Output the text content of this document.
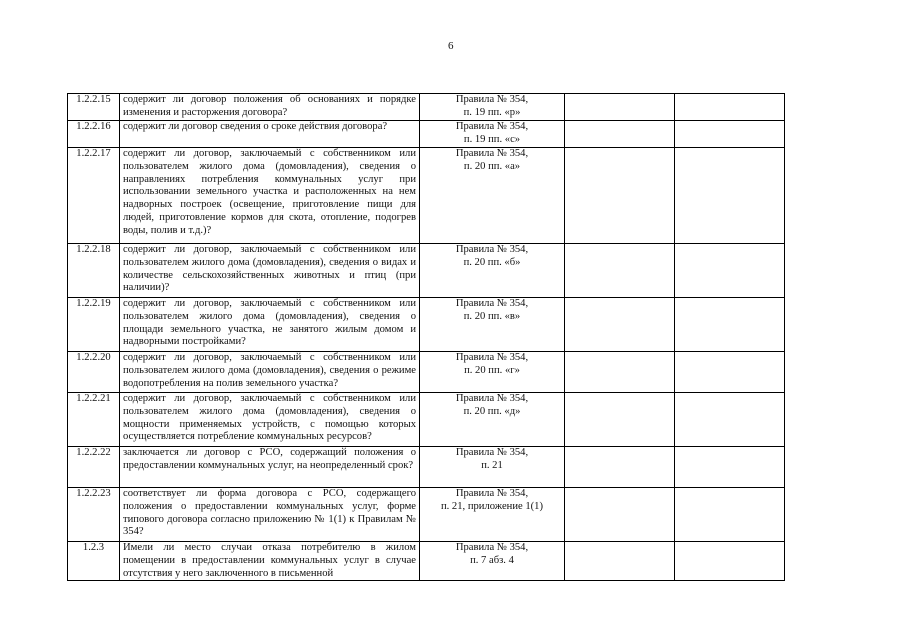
6
1.2.2.15	содержит ли договор положения об основаниях и порядке изменения и расторжения договора?	Правила № 354,
п. 19 пп. «р»		

1.2.2.16	содержит ли договор сведения о сроке действия договора?	Правила № 354,
п. 19 пп. «с»		

1.2.2.17	содержит ли договор, заключаемый с собственником или пользователем жилого дома (домовладения), сведения о направлениях потребления коммунальных услуг при использовании земельного участка и расположенных на нем надворных построек (освещение, приготовление пищи для людей, приготовление кормов для скота, отопление, подогрев воды, полив и т.д.)?	Правила № 354,
п. 20 пп. «а»		

1.2.2.18	содержит ли договор, заключаемый с собственником или пользователем жилого дома (домовладения), сведения о видах и количестве сельскохозяйственных животных и птиц (при наличии)?	Правила № 354,
п. 20 пп. «б»		

1.2.2.19	содержит ли договор, заключаемый с собственником или пользователем жилого дома (домовладения), сведения о площади земельного участка, не занятого жилым домом и надворными постройками?	Правила № 354,
п. 20 пп. «в»		

1.2.2.20	содержит ли договор, заключаемый с собственником или пользователем жилого дома (домовладения), сведения о режиме водопотребления на полив земельного участка?	Правила № 354,
п. 20 пп. «г»		

1.2.2.21	содержит ли договор, заключаемый с собственником или пользователем жилого дома (домовладения), сведения о мощности применяемых устройств, с помощью которых осуществляется потребление коммунальных ресурсов?	Правила № 354,
п. 20 пп. «д»		

1.2.2.22	заключается ли договор с РСО, содержащий положения о предоставлении коммунальных услуг, на неопределенный срок?	Правила № 354,
п. 21		

1.2.2.23	соответствует ли форма договора с РСО, содержащего положения о предоставлении коммунальных услуг, форме типового договора согласно приложению № 1(1) к Правилам № 354?	Правила № 354,
п. 21, приложение 1(1)		

1.2.3	Имели ли место случаи отказа потребителю в жилом помещении в предоставлении коммунальных услуг в случае отсутствия у него заключенного в письменной	Правила № 354,
п. 7 абз. 4		
